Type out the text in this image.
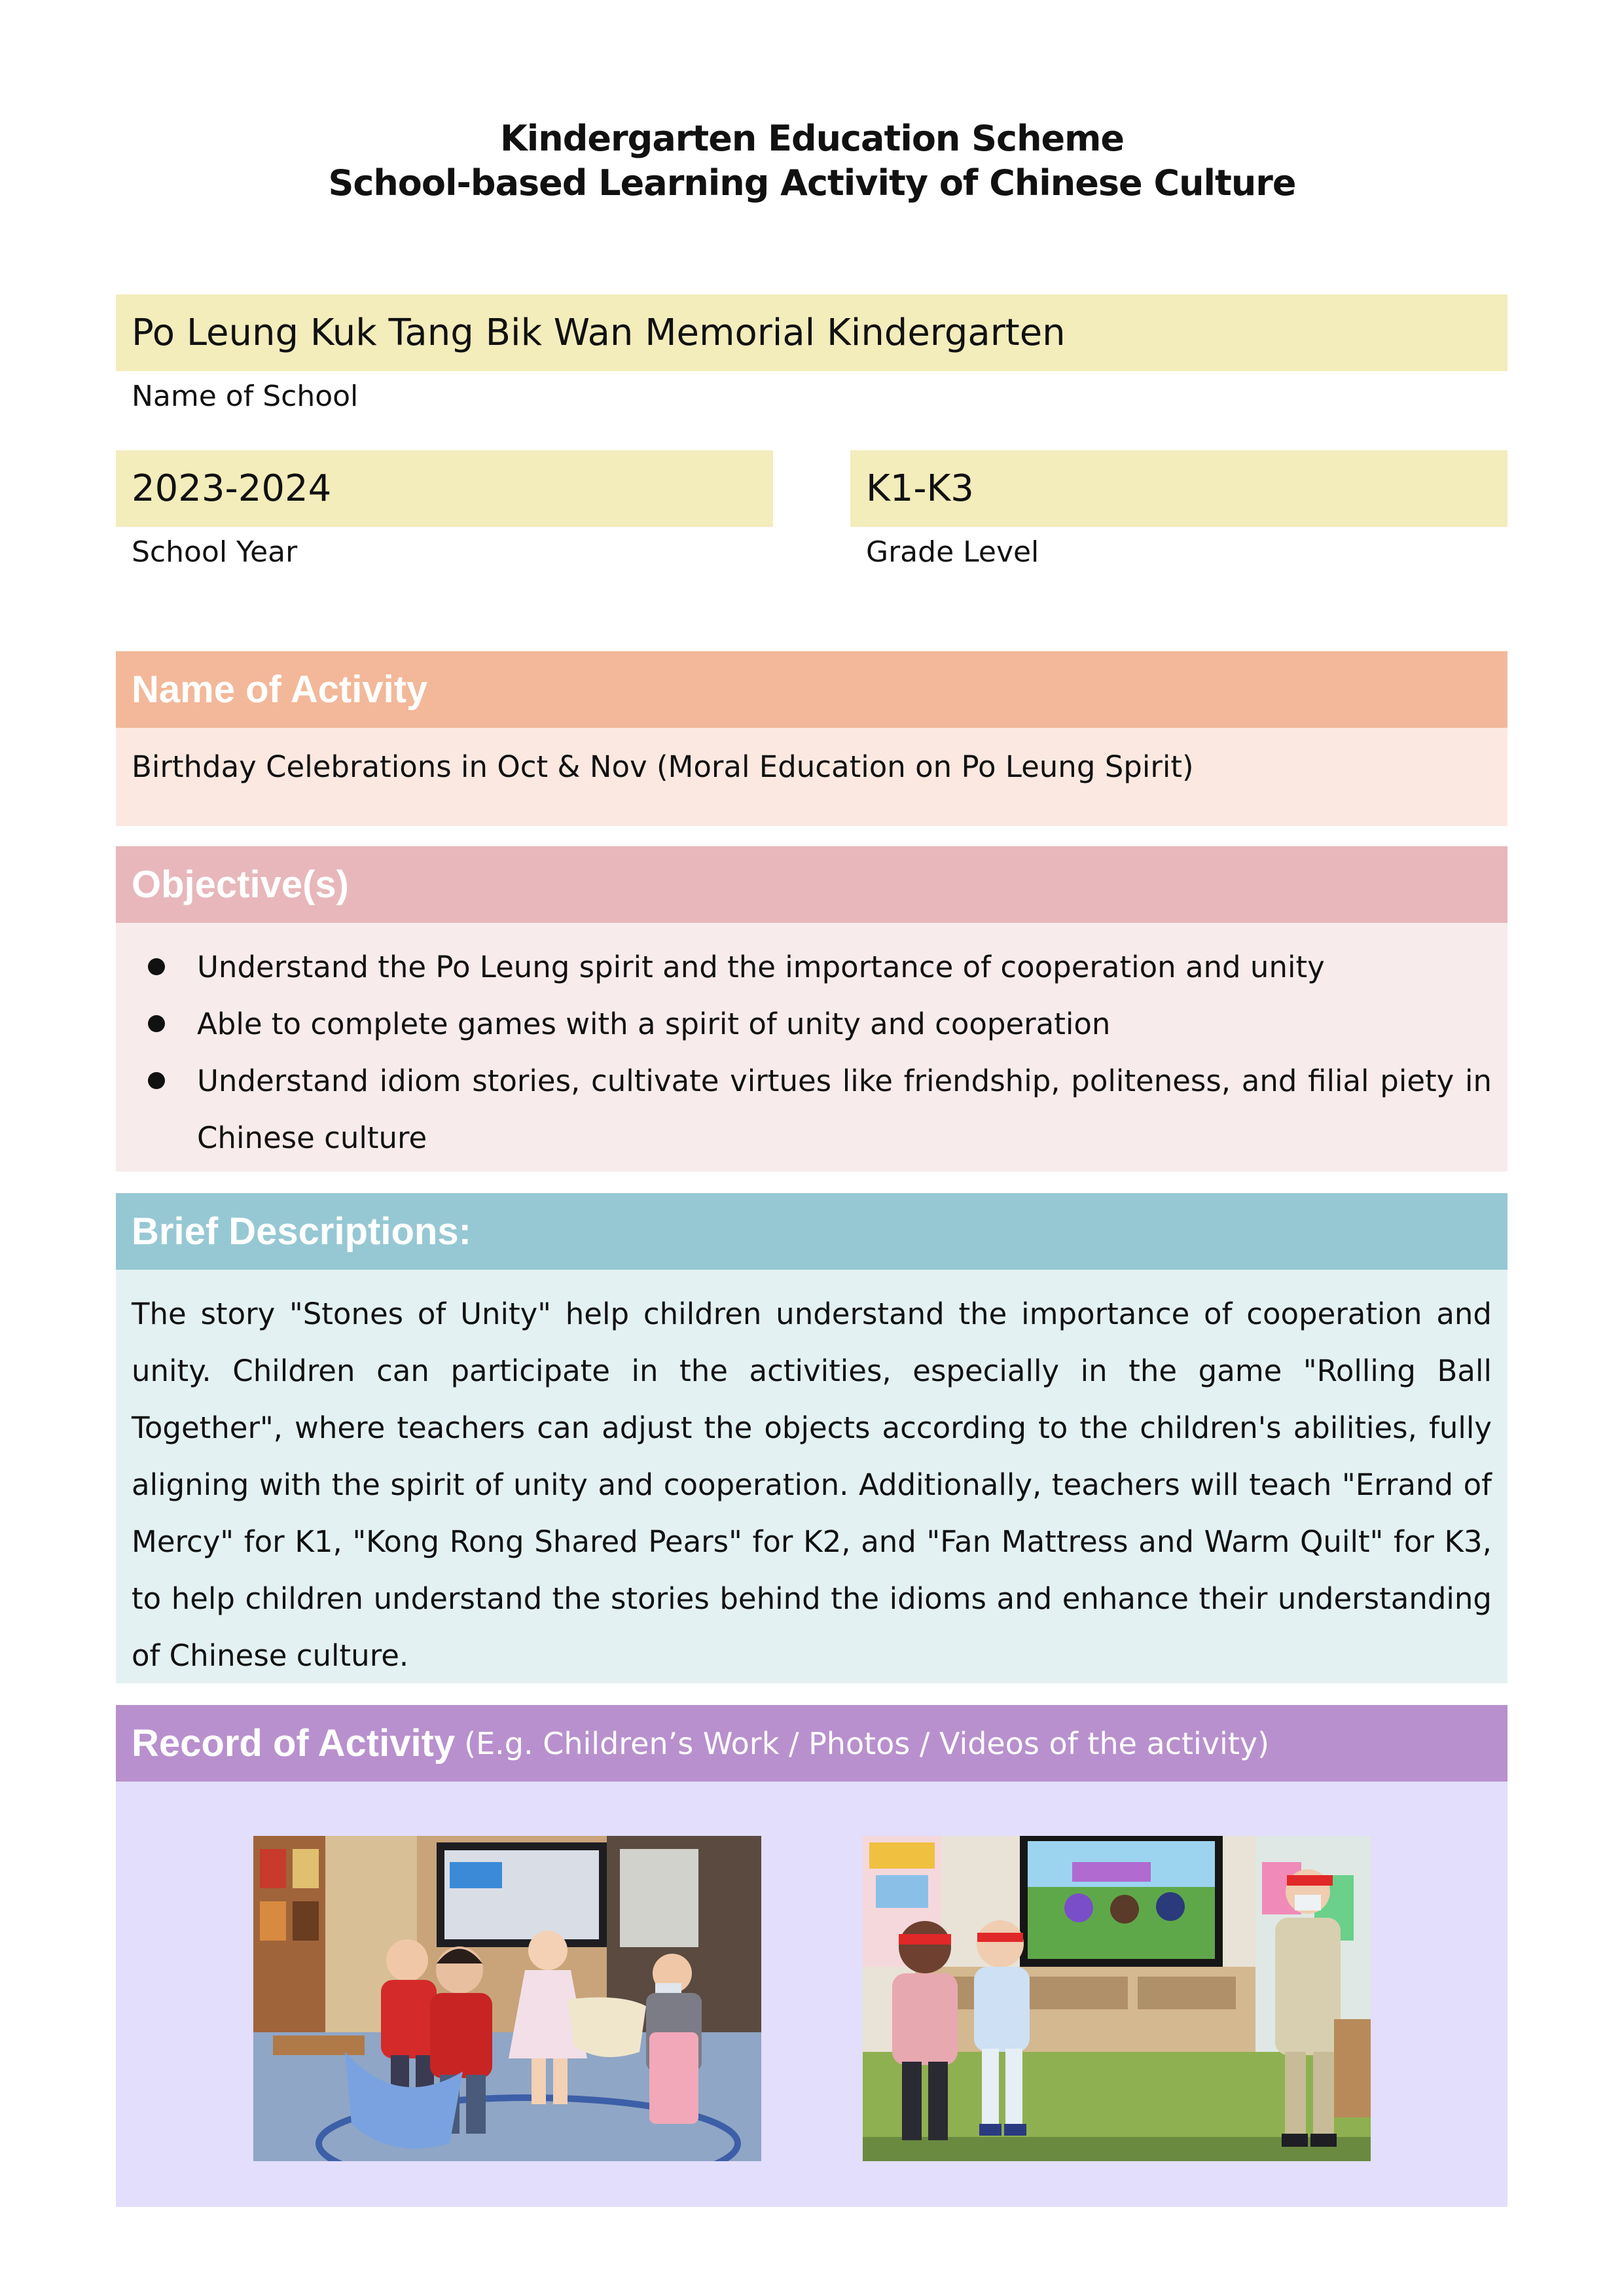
Kindergarten Education Scheme
School-based Learning Activity of Chinese Culture
Po Leung Kuk Tang Bik Wan Memorial Kindergarten
Name of School
2023-2024
School Year
K1-K3
Grade Level
Name of Activity
Birthday Celebrations in Oct & Nov (Moral Education on Po Leung Spirit)
Objective(s)
Understand the Po Leung spirit and the importance of cooperation and unity
Able to complete games with a spirit of unity and cooperation
Understand idiom stories, cultivate virtues like friendship, politeness, and filial piety in Chinese culture
Brief Descriptions:
The story "Stones of Unity" help children understand the importance of cooperation and unity. Children can participate in the activities, especially in the game "Rolling Ball Together", where teachers can adjust the objects according to the children's abilities, fully aligning with the spirit of unity and cooperation. Additionally, teachers will teach "Errand of Mercy" for K1, "Kong Rong Shared Pears" for K2, and "Fan Mattress and Warm Quilt" for K3, to help children understand the stories behind the idioms and enhance their understanding of Chinese culture.
Record of Activity (E.g. Children’s Work / Photos / Videos of the activity)
